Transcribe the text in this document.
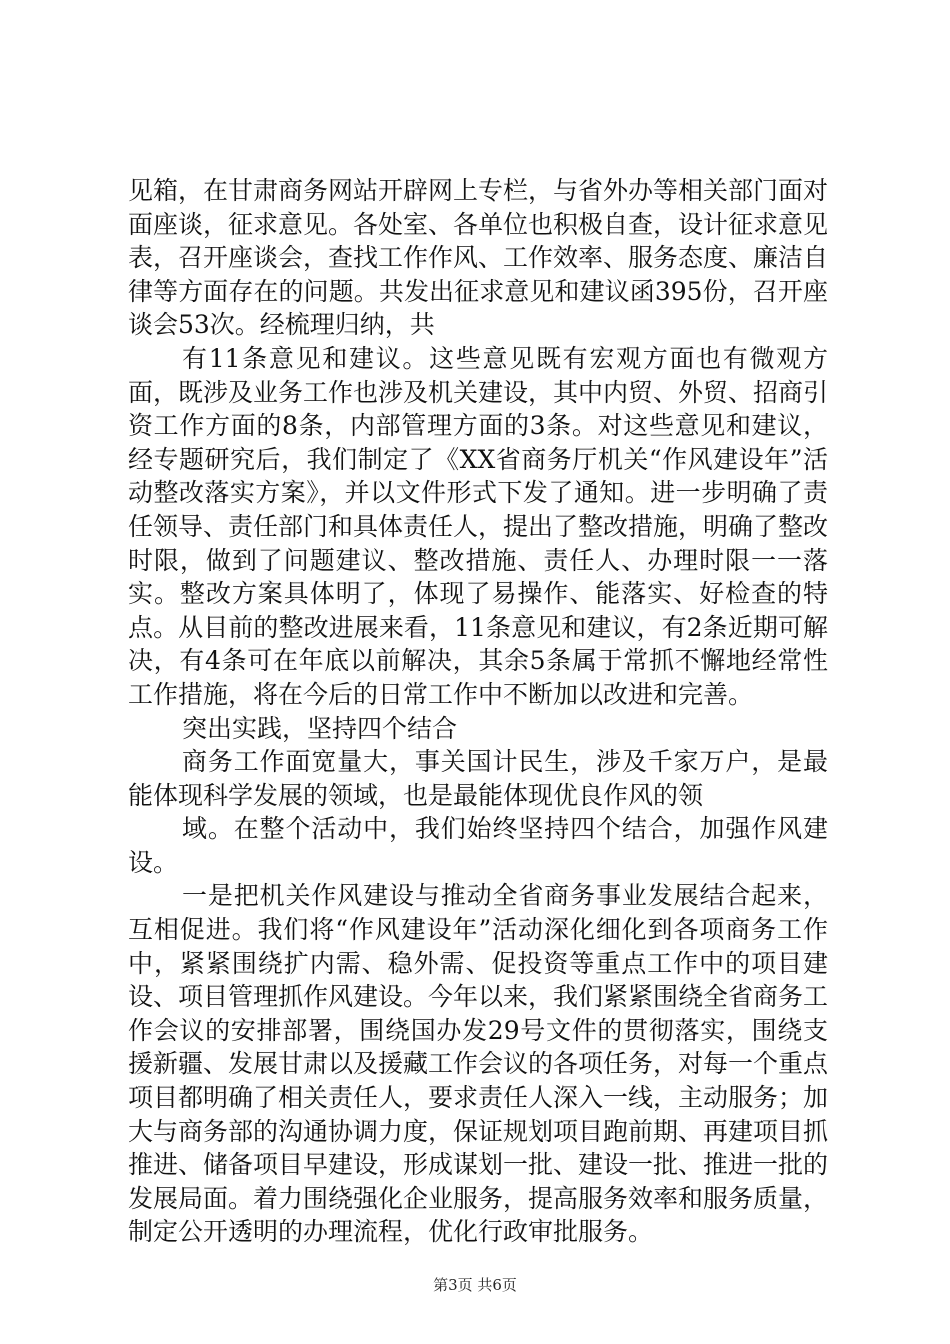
见箱，在甘肃商务网站开辟网上专栏，与省外办等相关部门面对面座谈，征求意见。各处室、各单位也积极自查，设计征求意见表，召开座谈会，查找工作作风、工作效率、服务态度、廉洁自律等方面存在的问题。共发出征求意见和建议函395份，召开座谈会53次。经梳理归纳，共

有11条意见和建议。这些意见既有宏观方面也有微观方面，既涉及业务工作也涉及机关建设，其中内贸、外贸、招商引资工作方面的8条，内部管理方面的3条。对这些意见和建议，经专题研究后，我们制定了《XX省商务厅机关“作风建设年”活动整改落实方案》，并以文件形式下发了通知。进一步明确了责任领导、责任部门和具体责任人，提出了整改措施，明确了整改时限，做到了问题建议、整改措施、责任人、办理时限一一落实。整改方案具体明了，体现了易操作、能落实、好检查的特点。从目前的整改进展来看，11条意见和建议，有2条近期可解决，有4条可在年底以前解决，其余5条属于常抓不懈地经常性工作措施，将在今后的日常工作中不断加以改进和完善。

突出实践，坚持四个结合

商务工作面宽量大，事关国计民生，涉及千家万户，是最能体现科学发展的领域，也是最能体现优良作风的领

域。在整个活动中，我们始终坚持四个结合，加强作风建设。

一是把机关作风建设与推动全省商务事业发展结合起来，互相促进。我们将“作风建设年”活动深化细化到各项商务工作中，紧紧围绕扩内需、稳外需、促投资等重点工作中的项目建设、项目管理抓作风建设。今年以来，我们紧紧围绕全省商务工作会议的安排部署，围绕国办发29号文件的贯彻落实，围绕支援新疆、发展甘肃以及援藏工作会议的各项任务，对每一个重点项目都明确了相关责任人，要求责任人深入一线，主动服务；加大与商务部的沟通协调力度，保证规划项目跑前期、再建项目抓推进、储备项目早建设，形成谋划一批、建设一批、推进一批的发展局面。着力围绕强化企业服务，提高服务效率和服务质量，制定公开透明的办理流程，优化行政审批服务。

第3页 共6页
